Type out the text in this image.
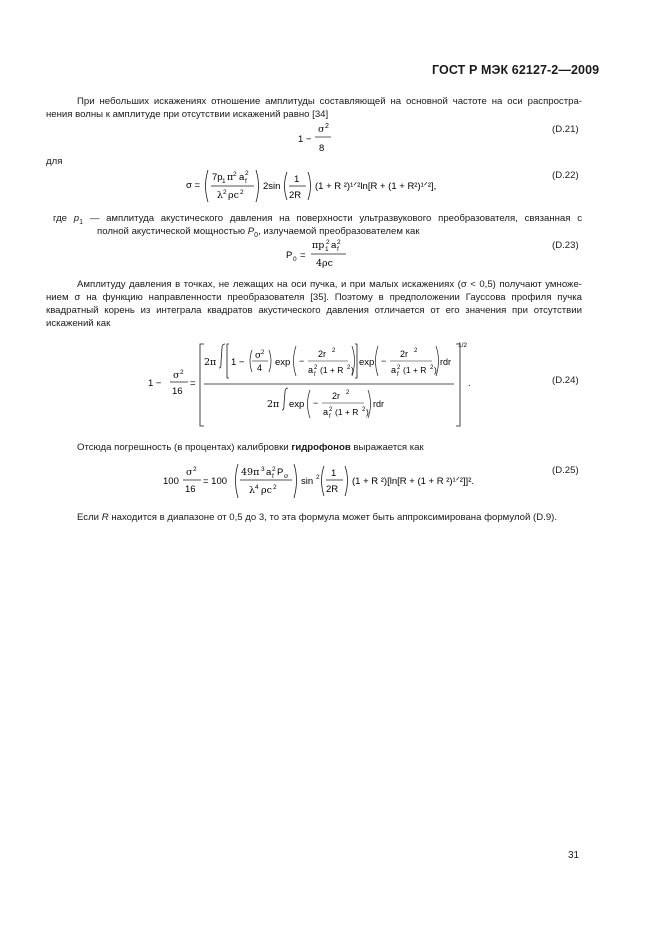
ГОСТ Р МЭК 62127-2—2009
При небольших искажениях отношение амплитуды составляющей на основной частоте на оси распростра-
нения волны к амплитуде при отсутствии искажений равно [34]
1 −
σ 2
8
(D.21)
для
σ =
7p 1 π 2 a 2
f
λ 2 ρc 2
2sin
1
2R
(1 + R ²)¹ᐟ²ln[R + (1 + R²)¹ᐟ²],
(D.22)
где $p_1$ — амплитуда акустического давления на поверхности ультразвукового преобразователя, связанная с
полной акустической мощностью $P_0$, излучаемой преобразователем как
P 0 =
πp 2
1 a 2
f
4ρc
(D.23)
Амплитуду давления в точках, не лежащих на оси пучка, и при малых искажениях (σ < 0,5) получают умноже-
нием σ на функцию направленности преобразователя [35]. Поэтому в предположении Гауссова профиля пучка
квадратный корень из интеграла квадратов акустического давления отличается от его значения при отсутствии
искажений как
1 −
σ 2
16
=
2π 1 −
σ 2
4 exp −
2r 2
a 2
f (1 + R 2 )
exp −
2r 2
a 2
f (1 + R 2 )
rdr
2π exp −
2r 2
a 2
f (1 + R 2 )
rdr
1/2
.	(D.24)
Отсюда погрешность (в процентах) калибровки гидрофонов выражается как
100
σ 2
16
= 100
49π 3 a 2
f P σ
λ 4 ρc 2
sin 2 1
2R
(1 + R ²)[ln[R + (1 + R ²)¹ᐟ²]]².
(D.25)
Если R находится в диапазоне от 0,5 до 3, то эта формула может быть аппроксимирована формулой (D.9).
31
